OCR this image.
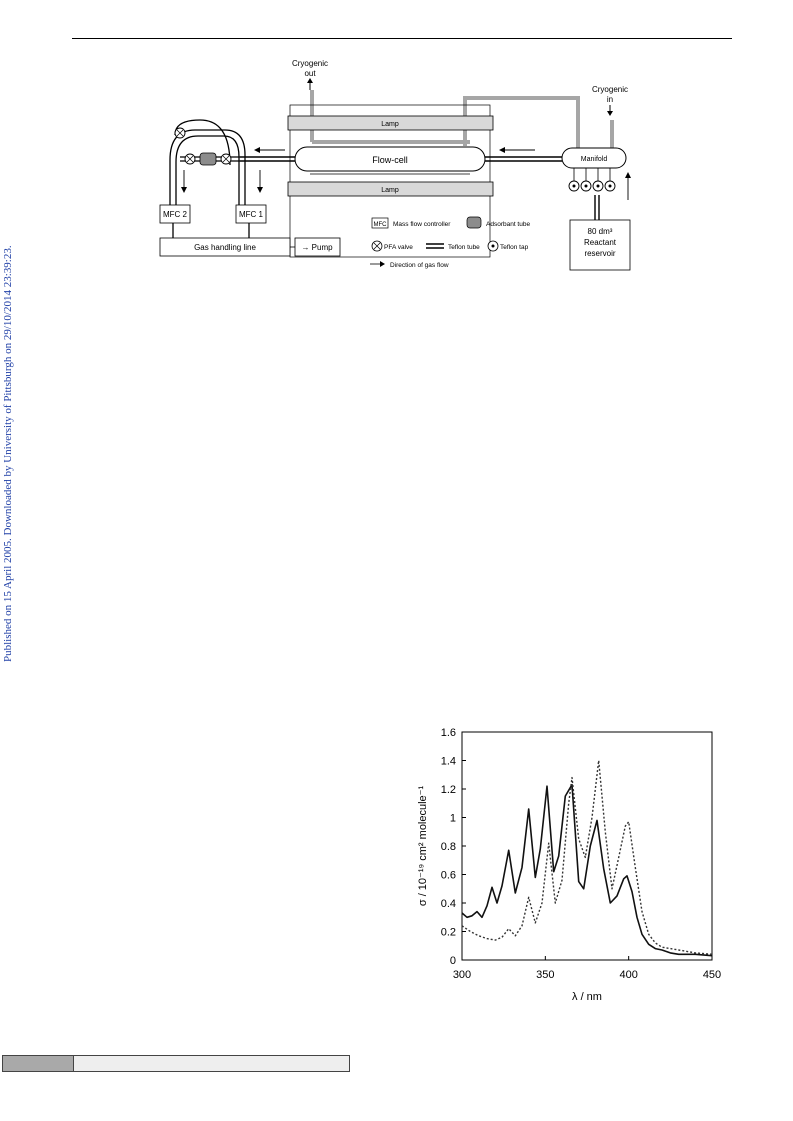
Published on 15 April 2005. Downloaded by University of Pittsburgh on 29/10/2014 23:39:23.
Cryogenic
out
Cryogenic
in
Lamp
Lamp
Flow-cell	Manifold
MFC 2	MFC 1
Gas handling line	→ Pump
80 dm³
Reactant
reservoir
MFC Mass flow controller	Adsorbant tube
PFA valve	Teflon tube	Teflon tap
Direction of gas flow
0
0.2
0.4
0.6
0.8
1
1.2
1.4
1.6
300	350	400	450
λ / nm
σ / 10⁻¹⁹ cm² molecule⁻¹
